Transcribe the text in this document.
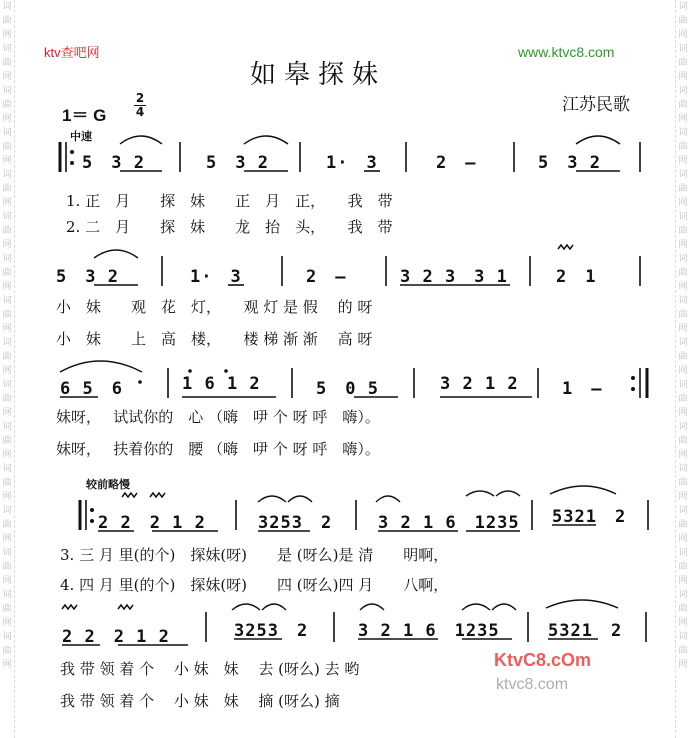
词曲网词曲网词曲网词曲网词曲网词曲网词曲网词曲网词曲网词曲网词曲网词曲网词曲网词曲网词曲网词曲网
词曲网词曲网词曲网词曲网词曲网词曲网词曲网词曲网词曲网词曲网词曲网词曲网词曲网词曲网词曲网词曲网
ktv查吧网	www.ktvc8.com
如皋探妹
1＝ G
2
4	江苏民歌
中速
5　3 2	5　3 2	1·　3	2　–	5　3 2
1. 正　月　　探　妹　　正　月　正，　　我　带
2. 二　月　　探　妹　　龙　抬　头，　　我　带
5　3 2	1·　3	2　–	3 2 3　3 1	2　1
小　妹　　观　花　灯，　　观 灯 是 假　 的 呀
小　妹　　上　高　楼，　　楼 梯 渐 渐　 高 呀
6 5　6	1 6 1 2	5　0 5	3 2 1 2	1　–
妹呀，　 试试你的　心 （嗨　吚 个 呀 呼　嗨）。
妹呀，　 扶着你的　腰 （嗨　吚 个 呀 呼　嗨）。
较前略慢
2 2　2 1 2	3253　2	3 2 1 6　1235 5321　2
3. 三 月 里(的个)　探妹(呀)　　是 (呀么)是 清　　明啊，
4. 四 月 里(的个)　探妹(呀)　　四 (呀么)四 月　　八啊，
2 2　2 1 2	3253　2	3 2 1 6　1235	5321　2
我 带 领 着 个　 小 妹　妹　 去 (呀么) 去 哟
我 带 领 着 个　 小 妹　妹　 摘 (呀么) 摘
KtvC8.cOm
ktvc8.com
